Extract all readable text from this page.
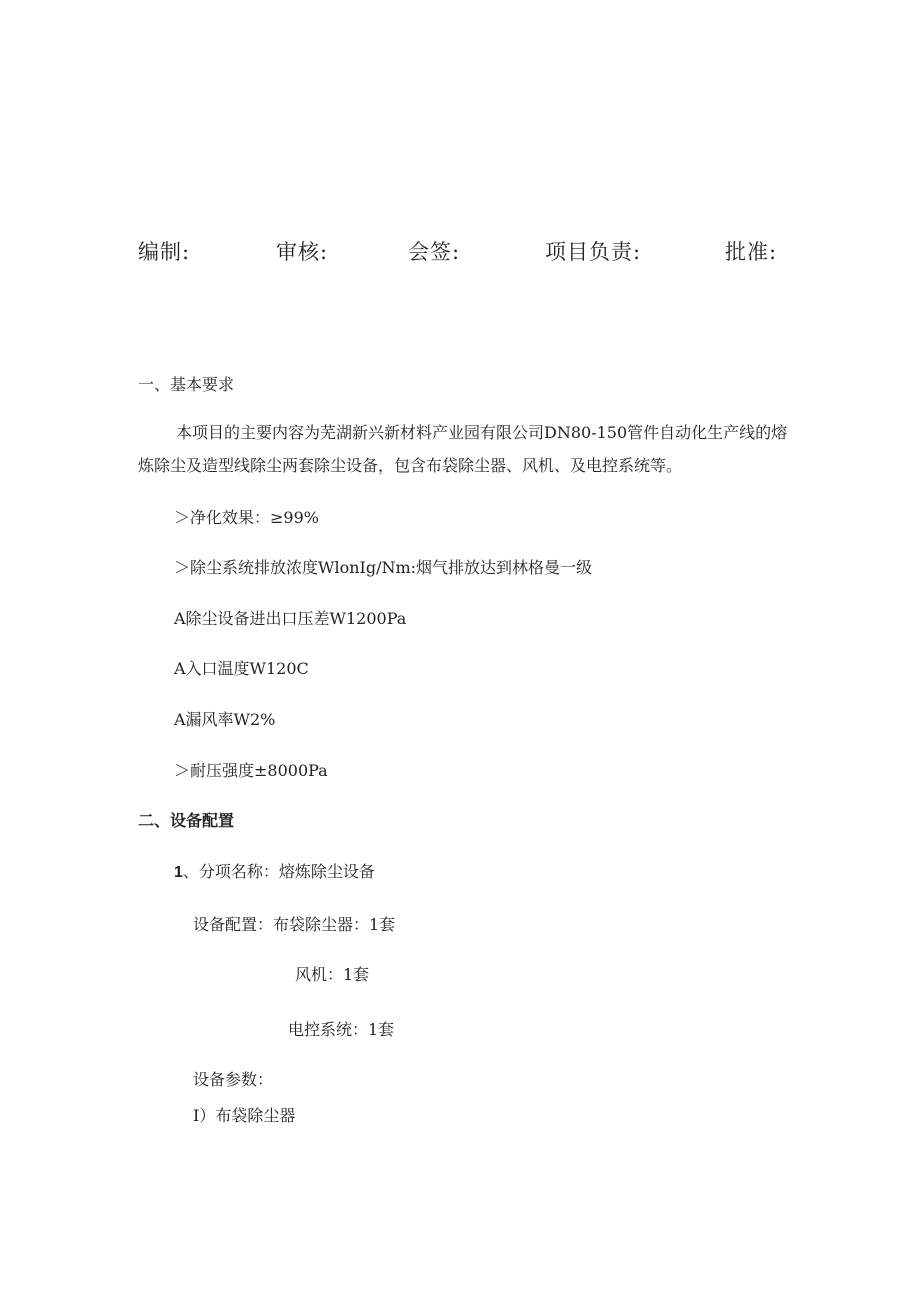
编制:	审核:	会签:	项目负责:	批准:
一、基本要求
本项目的主要内容为芜湖新兴新材料产业园有限公司DN80-150管件自动化生产线的熔炼除尘及造型线除尘两套除尘设备，包含布袋除尘器、风机、及电控系统等。
＞净化效果：≥99%
＞除尘系统排放浓度WlonIg/Nm:烟气排放达到林格曼一级
A除尘设备进出口压差W1200Pa
A入口温度W120C
A漏风率W2%
＞耐压强度±8000Pa
二、设备配置
1、分项名称：熔炼除尘设备
设备配置：布袋除尘器：1套
风机：1套
电控系统：1套
设备参数：
I）布袋除尘器
